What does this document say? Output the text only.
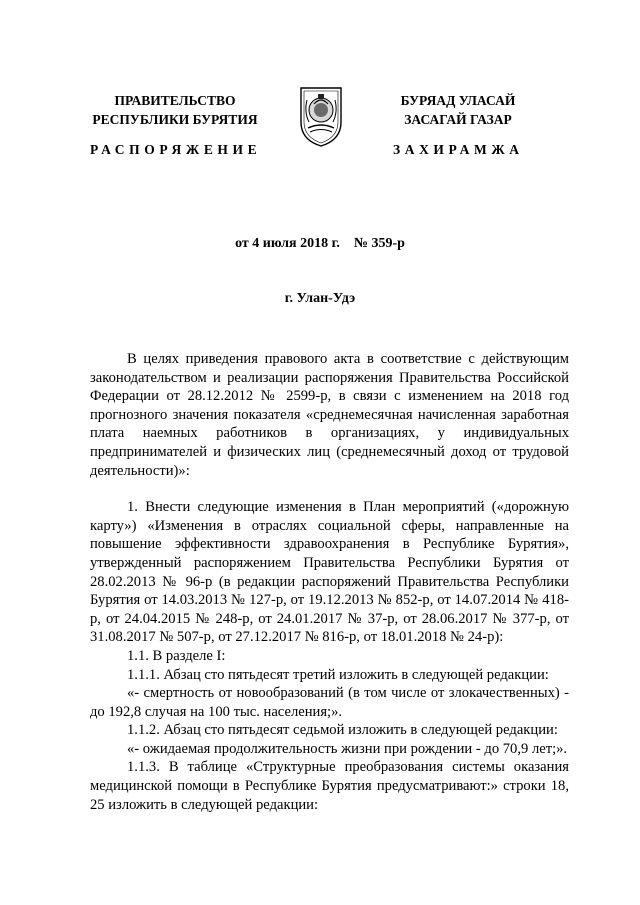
ПРАВИТЕЛЬСТВО
РЕСПУБЛИКИ БУРЯТИЯ
РАСПОРЯЖЕНИЕ
БУРЯАД УЛАСАЙ
ЗАСАГАЙ ГАЗАР
ЗАХИРАМЖА
от 4 июля 2018 г.    № 359-р
г. Улан-Удэ

В целях приведения правового акта в соответствие с действующим законодательством и реализации распоряжения Правительства Российской Федерации от 28.12.2012 № 2599-р, в связи с изменением на 2018 год прогнозного значения показателя «среднемесячная начисленная заработная плата наемных работников в организациях, у индивидуальных предпринимателей и физических лиц (среднемесячный доход от трудовой деятельности)»:

1. Внести следующие изменения в План мероприятий («дорожную карту») «Изменения в отраслях социальной сферы, направленные на повышение эффективности здравоохранения в Республике Бурятия», утвержденный распоряжением Правительства Республики Бурятия от 28.02.2013 № 96-р (в редакции распоряжений Правительства Республики Бурятия от 14.03.2013 № 127-р, от 19.12.2013 № 852-р, от 14.07.2014 № 418-р, от 24.04.2015 № 248-р, от 24.01.2017 № 37-р, от 28.06.2017 № 377-р, от 31.08.2017 № 507-р, от 27.12.2017 № 816-р, от 18.01.2018 № 24-р):

1.1. В разделе I:

1.1.1. Абзац сто пятьдесят третий изложить в следующей редакции:

«- смертность от новообразований (в том числе от злокачественных) - до 192,8 случая на 100 тыс. населения;».

1.1.2. Абзац сто пятьдесят седьмой изложить в следующей редакции:

«- ожидаемая продолжительность жизни при рождении - до 70,9 лет;».

1.1.3. В таблице «Структурные преобразования системы оказания медицинской помощи в Республике Бурятия предусматривают:» строки 18, 25 изложить в следующей редакции:
